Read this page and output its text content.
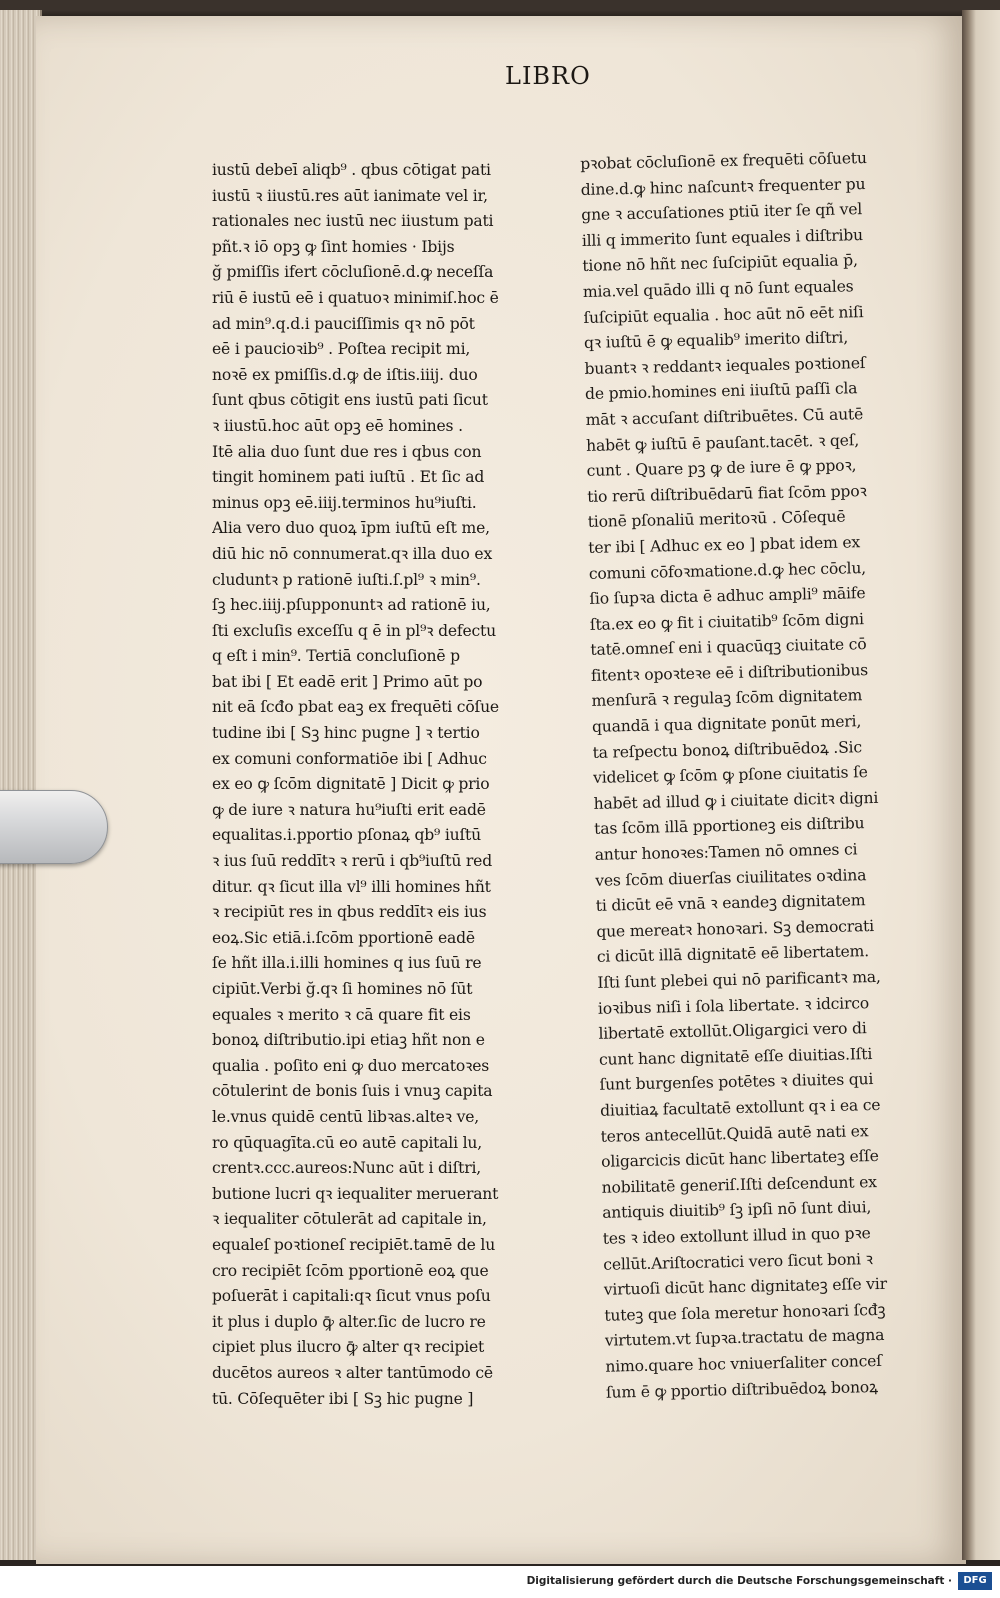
LIBRO
iustū debeī aliqb⁹ . qbus cōtigat pati
iustū ꝛ iiustū.res aūt ianimate vel ir,
rationales nec iustū nec iiustum pati
pñt.ꝛ iō opꝫ ꝙ ſint homies · Ibijs
ğ pmiſſis ifert cōcluſionē.d.ꝙ neceſſa
riū ē iustū eē i quatuoꝛ minimiſ.hoc ē
ad min⁹.q.d.i pauciſſimis qꝛ nō pōt
eē i paucioꝛib⁹ . Poſtea recipit mi,
noꝛē ex pmiſſis.d.ꝙ de iſtis.iiij. duo
ſunt qbus cōtigit ens iustū pati ſicut
ꝛ iiustū.hoc aūt opꝫ eē homines .
Itē alia duo ſunt due res i qbus con
tingit hominem pati iuſtū . Et ſic ad
minus opꝫ eē.iiij.terminos hu⁹iuſti.
Alia vero duo quoꝝ īpm iuſtū eſt me,
diū hic nō connumerat.qꝛ illa duo ex
cluduntꝛ p rationē iuſti.ſ.pl⁹ ꝛ min⁹.
ſꝫ hec.iiij.pſupponuntꝛ ad rationē iu,
ſti excluſis exceſſu q ē in pl⁹ꝛ defectu
q eſt i min⁹. Tertiā concluſionē p
bat ibi [ Et eadē erit ] Primo aūt po
nit eā ſcđo pbat eaꝫ ex frequēti cōſue
tudine ibi [ Sꝫ hinc pugne ] ꝛ tertio
ex comuni conformatiōe ibi [ Adhuc
ex eo ꝙ ſcōm dignitatē ] Dicit ꝙ prio
ꝙ de iure ꝛ natura hu⁹iuſti erit eadē
equalitas.i.pportio pſonaꝝ qb⁹ iuſtū
ꝛ ius ſuū reddītꝛ ꝛ rerū i qb⁹iuſtū red
ditur. qꝛ ſicut illa vl⁹ illi homines hñt
ꝛ recipiūt res in qbus reddītꝛ eis ius
eoꝝ.Sic etiā.i.ſcōm pportionē eadē
ſe hñt illa.i.illi homines q ius ſuū re
cipiūt.Verbi ğ.qꝛ ſi homines nō ſūt
equales ꝛ merito ꝛ cā quare fit eis
bonoꝝ diſtributio.ipi etiaꝫ hñt non e
qualia . poſito eni ꝙ duo mercatoꝛes
cōtulerint de bonis ſuis i vnuꝫ capita
le.vnus quidē centū libꝛas.alteꝛ ve,
ro qūquagīta.cū eo autē capitali lu,
crentꝛ.ccc.aureos:Nunc aūt i diſtri,
butione lucri qꝛ iequaliter meruerant
ꝛ iequaliter cōtulerāt ad capitale in,
equaleſ poꝛtioneſ recipiēt.tamē de lu
cro recipiēt ſcōm pportionē eoꝝ que
poſuerāt i capitali:qꝛ ſicut vnus poſu
it plus i duplo ꝙ̄ alter.ſic de lucro re
cipiet plus ilucro ꝙ̄ alter qꝛ recipiet
ducētos aureos ꝛ alter tantūmodo cē
tū. Cōſequēter ibi [ Sꝫ hic pugne ]
pꝛobat cōcluſionē ex frequēti cōſuetu
dine.d.ꝙ hinc naſcuntꝛ frequenter pu
gne ꝛ accuſationes ptiū iter ſe qñ vel
illi q immerito ſunt equales i diſtribu
tione nō hñt nec ſuſcipiūt equalia p̄,
mia.vel quādo illi q nō ſunt equales
ſuſcipiūt equalia . hoc aūt nō eēt niſi
qꝛ iuſtū ē ꝙ equalib⁹ imerito diſtri,
buantꝛ ꝛ reddantꝛ iequales poꝛtioneſ
de pmio.homines eni iiuſtū paſſi cla
māt ꝛ accuſant diſtribuētes. Cū autē
habēt ꝙ iuſtū ē pauſant.tacēt. ꝛ qeſ,
cunt . Quare pꝫ ꝙ de iure ē ꝙ ppoꝛ,
tio rerū diſtribuēdarū fiat ſcōm ppoꝛ
tionē pſonaliū meritoꝛū . Cōſequē
ter ibi [ Adhuc ex eo ] pbat idem ex
comuni cōfoꝛmatione.d.ꝙ hec cōclu,
ſio ſupꝛa dicta ē adhuc ampli⁹ māife
ſta.ex eo ꝙ fit i ciuitatib⁹ ſcōm digni
tatē.omneſ eni i quacūqꝫ ciuitate cō
fitentꝛ opoꝛteꝛe eē i diſtributionibus
menſurā ꝛ regulaꝫ ſcōm dignitatem
quandā i qua dignitate ponūt meri,
ta reſpectu bonoꝝ diſtribuēdoꝝ .Sic
videlicet ꝙ ſcōm ꝙ pſone ciuitatis ſe
habēt ad illud ꝙ i ciuitate dicitꝛ digni
tas ſcōm illā pportioneꝫ eis diſtribu
antur honoꝛes:Tamen nō omnes ci
ves ſcōm diuerſas ciuilitates oꝛdina
ti dicūt eē vnā ꝛ eandeꝫ dignitatem
que mereatꝛ honoꝛari. Sꝫ democrati
ci dicūt illā dignitatē eē libertatem.
Iſti ſunt plebei qui nō parificantꝛ ma,
ioꝛibus niſi i ſola libertate. ꝛ idcirco
libertatē extollūt.Oligargici vero di
cunt hanc dignitatē eſſe diuitias.Iſti
ſunt burgenſes potētes ꝛ diuites qui
diuitiaꝝ facultatē extollunt qꝛ i ea ce
teros antecellūt.Quidā autē nati ex
oligarcicis dicūt hanc libertateꝫ eſſe
nobilitatē generiſ.Iſti deſcendunt ex
antiquis diuitib⁹ ſꝫ ipſi nō ſunt diui,
tes ꝛ ideo extollunt illud in quo pꝛe
cellūt.Ariſtocratici vero ſicut boni ꝛ
virtuoſi dicūt hanc dignitateꝫ eſſe vir
tuteꝫ que ſola meretur honoꝛari ſcđꝫ
virtutem.vt ſupꝛa.tractatu de magna
nimo.quare hoc vniuerſaliter conceſ
ſum ē ꝙ pportio diſtribuēdoꝝ bonoꝝ
Digitalisierung gefördert durch die Deutsche Forschungsgemeinschaft ·	DFG
